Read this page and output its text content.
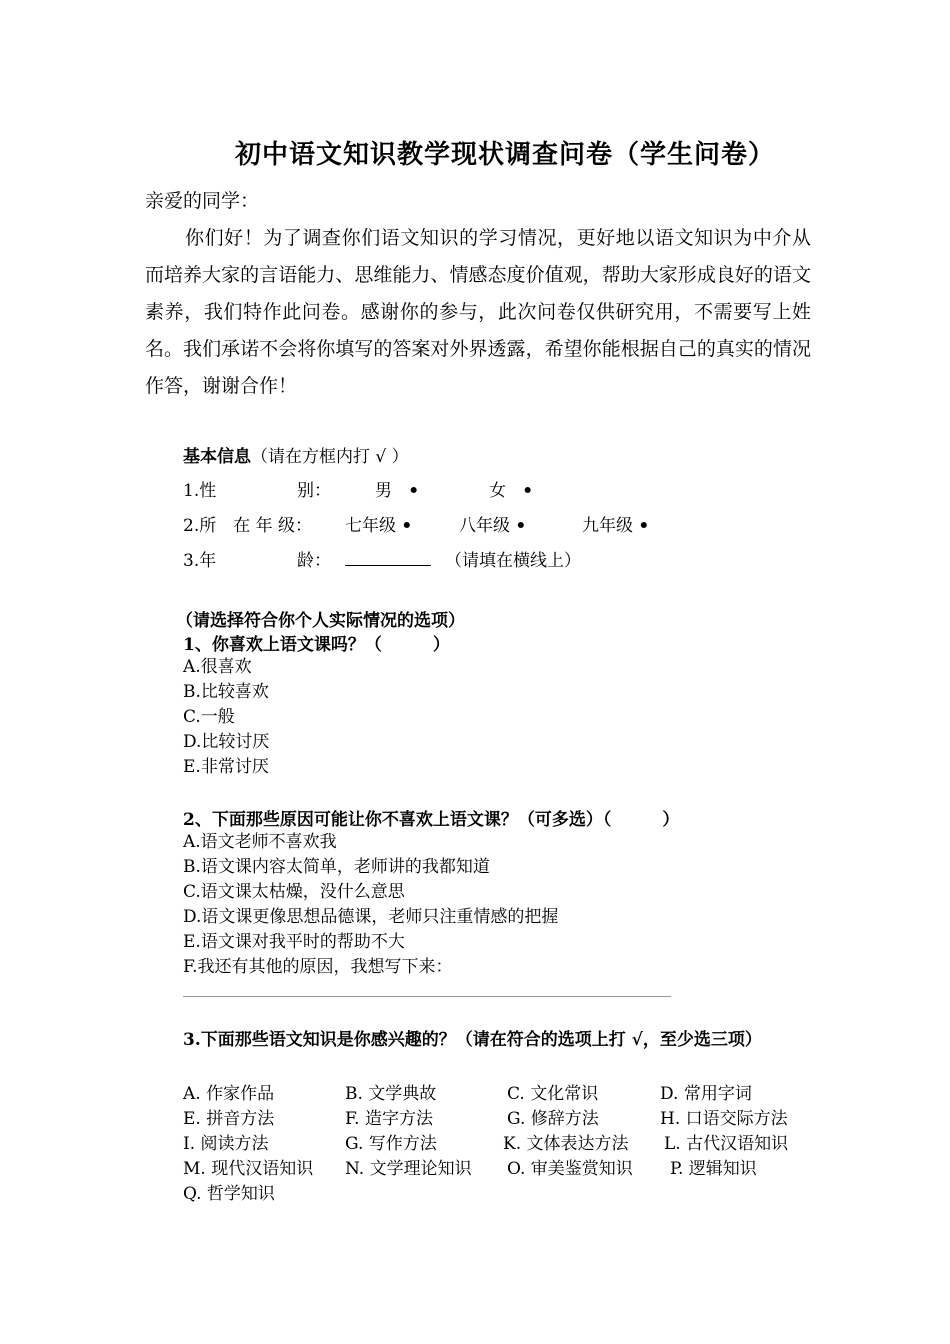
初中语文知识教学现状调查问卷（学生问卷）
亲爱的同学：
你们好！为了调查你们语文知识的学习情况，更好地以语文知识为中介从而培养大家的言语能力、思维能力、情感态度价值观，帮助大家形成良好的语文素养，我们特作此问卷。感谢你的参与，此次问卷仅供研究用，不需要写上姓名。我们承诺不会将你填写的答案对外界透露，希望你能根据自己的真实的情况作答，谢谢合作！
基本信息（请在方框内打 √ ）
1.性	别：	男 •	女 •
2.所　在 年 级： 七年级 •	八年级 •	九年级 •
3.年	龄：	（请填在横线上）
（请选择符合你个人实际情况的选项）
1、你喜欢上语文课吗？（　　　）
A.很喜欢
B.比较喜欢
C.一般
D.比较讨厌
E.非常讨厌
2、下面那些原因可能让你不喜欢上语文课？（可多选）（　　　）
A.语文老师不喜欢我
B.语文课内容太简单，老师讲的我都知道
C.语文课太枯燥，没什么意思
D.语文课更像思想品德课，老师只注重情感的把握
E.语文课对我平时的帮助不大
F.我还有其他的原因，我想写下来：
3.下面那些语文知识是你感兴趣的？（请在符合的选项上打 √，至少选三项）
A. 作家作品	B. 文学典故	C. 文化常识	D. 常用字词
E. 拼音方法	F. 造字方法	G. 修辞方法	H. 口语交际方法
I. 阅读方法	G. 写作方法	K. 文体表达方法 L. 古代汉语知识
M. 现代汉语知识 N. 文学理论知识 O. 审美鉴赏知识 P. 逻辑知识
Q. 哲学知识
